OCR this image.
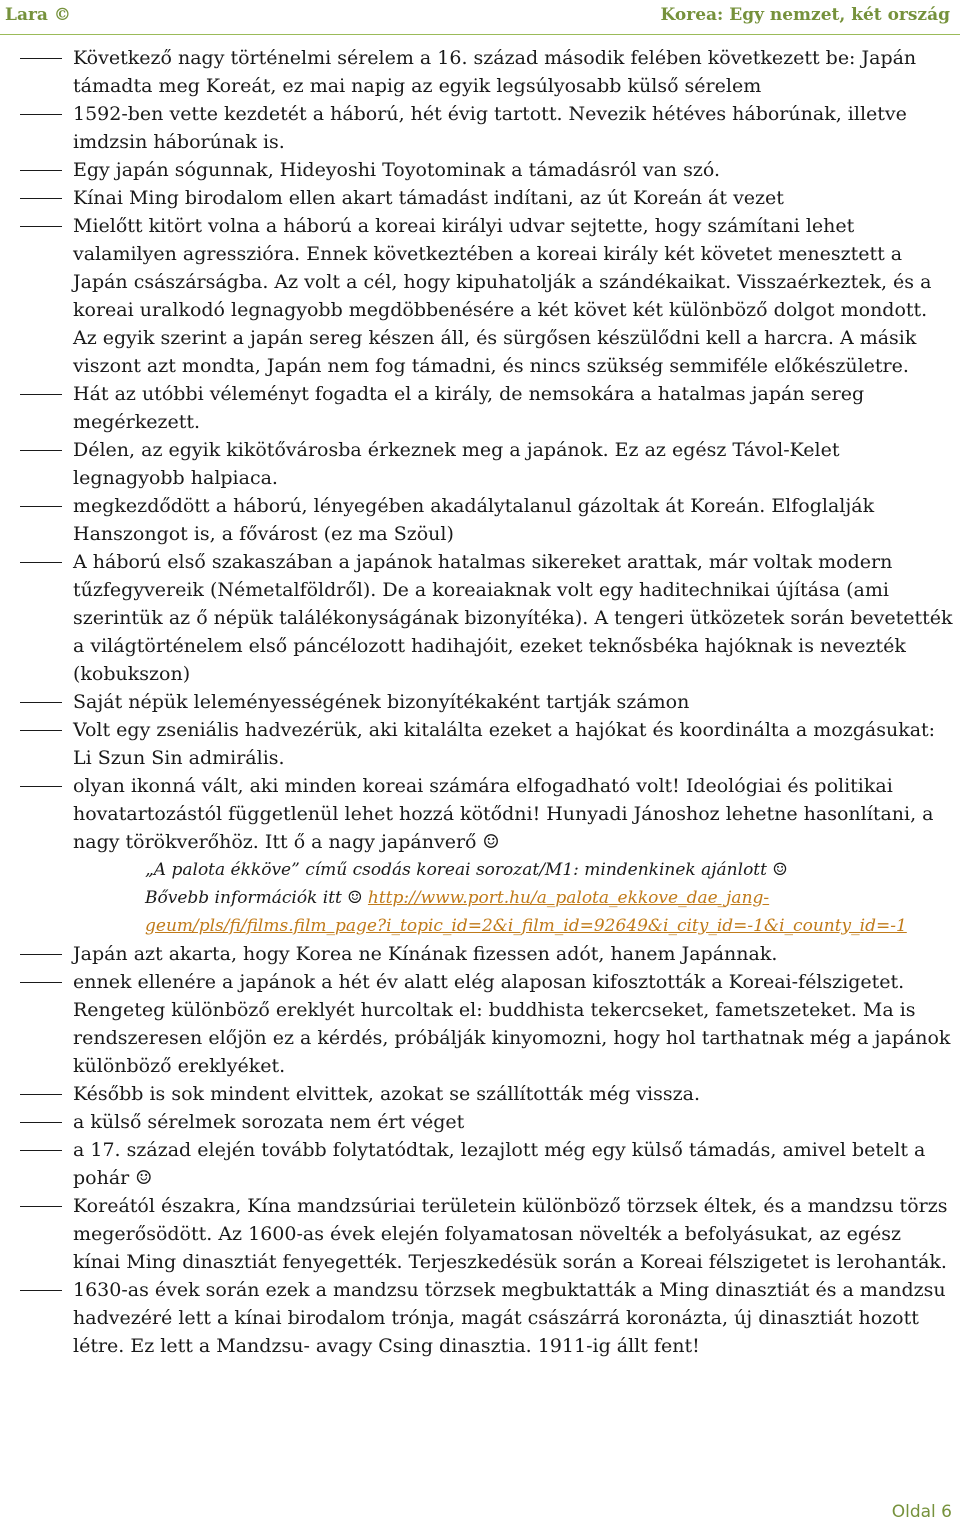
Lara ©	Korea: Egy nemzet, két ország
Következő nagy történelmi sérelem a 16. század második felében következett be: Japán támadta meg Koreát, ez mai napig az egyik legsúlyosabb külső sérelem
1592-ben vette kezdetét a háború, hét évig tartott. Nevezik hétéves háborúnak, illetve imdzsin háborúnak is.
Egy japán sógunnak, Hideyoshi Toyotominak a támadásról van szó.
Kínai Ming birodalom ellen akart támadást indítani, az út Koreán át vezet
Mielőtt kitört volna a háború a koreai királyi udvar sejtette, hogy számítani lehet valamilyen agresszióra. Ennek következtében a koreai király két követet menesztett a Japán császárságba. Az volt a cél, hogy kipuhatolják a szándékaikat. Visszaérkeztek, és a koreai uralkodó legnagyobb megdöbbenésére a két követ két különböző dolgot mondott. Az egyik szerint a japán sereg készen áll, és sürgősen készülődni kell a harcra. A másik viszont azt mondta, Japán nem fog támadni, és nincs szükség semmiféle előkészületre.
Hát az utóbbi véleményt fogadta el a király, de nemsokára a hatalmas japán sereg megérkezett.
Délen, az egyik kikötővárosba érkeznek meg a japánok. Ez az egész Távol-Kelet legnagyobb halpiaca.
megkezdődött a háború, lényegében akadálytalanul gázoltak át Koreán. Elfoglalják Hanszongot is, a fővárost (ez ma Szöul)
A háború első szakaszában a japánok hatalmas sikereket arattak, már voltak modern tűzfegyvereik (Németalföldről). De a koreaiaknak volt egy haditechnikai újítása (ami szerintük az ő népük találékonyságának bizonyítéka). A tengeri ütközetek során bevetették a világtörténelem első páncélozott hadihajóit, ezeket teknősbéka hajóknak is nevezték (kobukszon)
Saját népük leleményességének bizonyítékaként tartják számon
Volt egy zseniális hadvezérük, aki kitalálta ezeket a hajókat és koordinálta a mozgásukat: Li Szun Sin admirális.
olyan ikonná vált, aki minden koreai számára elfogadható volt! Ideológiai és politikai hovatartozástól függetlenül lehet hozzá kötődni! Hunyadi Jánoshoz lehetne hasonlítani, a nagy törökverőhöz. Itt ő a nagy japánverő ☺
„A palota ékköve” című csodás koreai sorozat/M1: mindenkinek ajánlott ☺
Bővebb információk itt ☺ http://www.port.hu/a_palota_ekkove_dae_jang-geum/pls/fi/films.film_page?i_topic_id=2&i_film_id=92649&i_city_id=-1&i_county_id=-1
Japán azt akarta, hogy Korea ne Kínának fizessen adót, hanem Japánnak.
ennek ellenére a japánok a hét év alatt elég alaposan kifosztották a Koreai-félszigetet. Rengeteg különböző ereklyét hurcoltak el: buddhista tekercseket, fametszeteket. Ma is rendszeresen előjön ez a kérdés, próbálják kinyomozni, hogy hol tarthatnak még a japánok különböző ereklyéket.
Később is sok mindent elvittek, azokat se szállították még vissza.
a külső sérelmek sorozata nem ért véget
a 17. század elején tovább folytatódtak, lezajlott még egy külső támadás, amivel betelt a pohár ☺
Koreától északra, Kína mandzsúriai területein különböző törzsek éltek, és a mandzsu törzs megerősödött. Az 1600-as évek elején folyamatosan növelték a befolyásukat, az egész kínai Ming dinasztiát fenyegették. Terjeszkedésük során a Koreai félszigetet is lerohanták.
1630-as évek során ezek a mandzsu törzsek megbuktatták a Ming dinasztiát és a mandzsu hadvezéré lett a kínai birodalom trónja, magát császárrá koronázta, új dinasztiát hozott létre. Ez lett a Mandzsu- avagy Csing dinasztia. 1911-ig állt fent!
Oldal 6
